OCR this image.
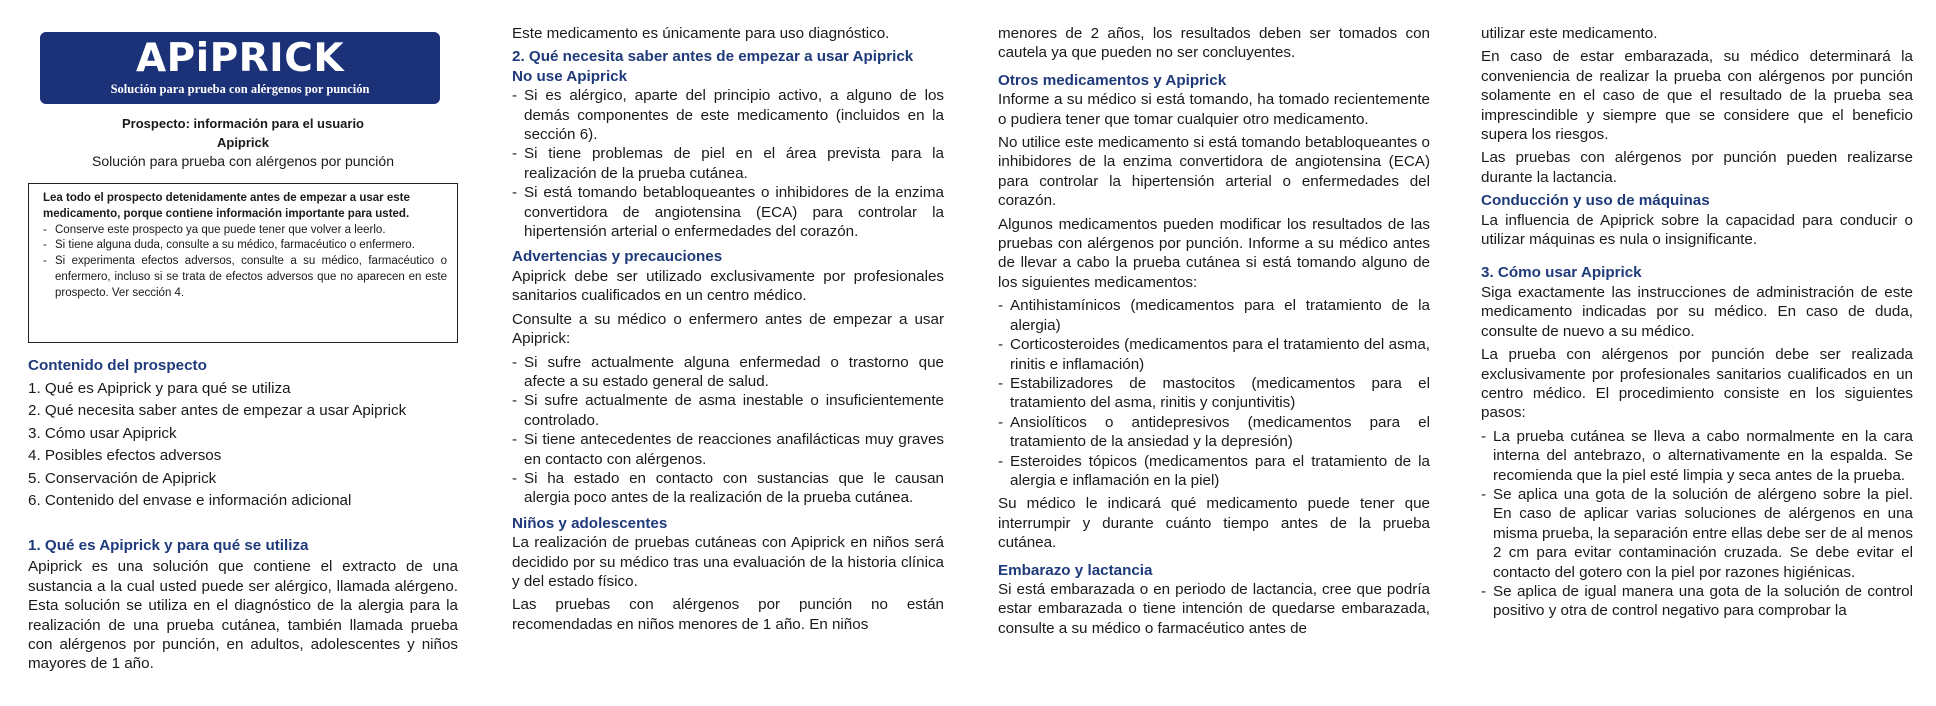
APiPRICK
Solución para prueba con alérgenos por punción

Prospecto: información para el usuario

Apiprick

Solución para prueba con alérgenos por punción

Lea todo el prospecto detenidamente antes de empezar a usar este medicamento, porque contiene información importante para usted.

- Conserve este prospecto ya que puede tener que volver a leerlo.
- Si tiene alguna duda, consulte a su médico, farmacéutico o enfermero.
- Si experimenta efectos adversos, consulte a su médico, farmacéutico o enfermero, incluso si se trata de efectos adversos que no aparecen en este prospecto. Ver sección 4.

Contenido del prospecto

1. Qué es Apiprick y para qué se utiliza

2. Qué necesita saber antes de empezar a usar Apiprick

3. Cómo usar Apiprick

4. Posibles efectos adversos

5. Conservación de Apiprick

6. Contenido del envase e información adicional

1. Qué es Apiprick y para qué se utiliza

Apiprick es una solución que contiene el extracto de una sustancia a la cual usted puede ser alérgico, llamada alérgeno. Esta solución se utiliza en el diagnóstico de la alergia para la realización de una prueba cutánea, también llamada prueba con alérgenos por punción, en adultos, adolescentes y niños mayores de 1 año.

Este medicamento es únicamente para uso diagnóstico.

2. Qué necesita saber antes de empezar a usar Apiprick

No use Apiprick

- Si es alérgico, aparte del principio activo, a alguno de los demás componentes de este medicamento (incluidos en la sección 6).
- Si tiene problemas de piel en el área prevista para la realización de la prueba cutánea.
- Si está tomando betabloqueantes o inhibidores de la enzima convertidora de angiotensina (ECA) para controlar la hipertensión arterial o enfermedades del corazón.

Advertencias y precauciones

Apiprick debe ser utilizado exclusivamente por profesionales sanitarios cualificados en un centro médico.

Consulte a su médico o enfermero antes de empezar a usar Apiprick:

- Si sufre actualmente alguna enfermedad o trastorno que afecte a su estado general de salud.
- Si sufre actualmente de asma inestable o insuficientemente controlado.
- Si tiene antecedentes de reacciones anafilácticas muy graves en contacto con alérgenos.
- Si ha estado en contacto con sustancias que le causan alergia poco antes de la realización de la prueba cutánea.

Niños y adolescentes

La realización de pruebas cutáneas con Apiprick en niños será decidido por su médico tras una evaluación de la historia clínica y del estado físico.

Las pruebas con alérgenos por punción no están recomendadas en niños menores de 1 año. En niños

menores de 2 años, los resultados deben ser tomados con cautela ya que pueden no ser concluyentes.

Otros medicamentos y Apiprick

Informe a su médico si está tomando, ha tomado recientemente o pudiera tener que tomar cualquier otro medicamento.

No utilice este medicamento si está tomando betabloqueantes o inhibidores de la enzima convertidora de angiotensina (ECA) para controlar la hipertensión arterial o enfermedades del corazón.

Algunos medicamentos pueden modificar los resultados de las pruebas con alérgenos por punción. Informe a su médico antes de llevar a cabo la prueba cutánea si está tomando alguno de los siguientes medicamentos:

- Antihistamínicos (medicamentos para el tratamiento de la alergia)
- Corticosteroides (medicamentos para el tratamiento del asma, rinitis e inflamación)
- Estabilizadores de mastocitos (medicamentos para el tratamiento del asma, rinitis y conjuntivitis)
- Ansiolíticos o antidepresivos (medicamentos para el tratamiento de la ansiedad y la depresión)
- Esteroides tópicos (medicamentos para el tratamiento de la alergia e inflamación en la piel)

Su médico le indicará qué medicamento puede tener que interrumpir y durante cuánto tiempo antes de la prueba cutánea.

Embarazo y lactancia

Si está embarazada o en periodo de lactancia, cree que podría estar embarazada o tiene intención de quedarse embarazada, consulte a su médico o farmacéutico antes de

utilizar este medicamento.

En caso de estar embarazada, su médico determinará la conveniencia de realizar la prueba con alérgenos por punción solamente en el caso de que el resultado de la prueba sea imprescindible y siempre que se considere que el beneficio supera los riesgos.

Las pruebas con alérgenos por punción pueden realizarse durante la lactancia.

Conducción y uso de máquinas

La influencia de Apiprick sobre la capacidad para conducir o utilizar máquinas es nula o insignificante.

3. Cómo usar Apiprick

Siga exactamente las instrucciones de administración de este medicamento indicadas por su médico. En caso de duda, consulte de nuevo a su médico.

La prueba con alérgenos por punción debe ser realizada exclusivamente por profesionales sanitarios cualificados en un centro médico. El procedimiento consiste en los siguientes pasos:

- La prueba cutánea se lleva a cabo normalmente en la cara interna del antebrazo, o alternativamente en la espalda. Se recomienda que la piel esté limpia y seca antes de la prueba.
- Se aplica una gota de la solución de alérgeno sobre la piel. En caso de aplicar varias soluciones de alérgenos en una misma prueba, la separación entre ellas debe ser de al menos 2 cm para evitar contaminación cruzada. Se debe evitar el contacto del gotero con la piel por razones higiénicas.
- Se aplica de igual manera una gota de la solución de control positivo y otra de control negativo para comprobar la
